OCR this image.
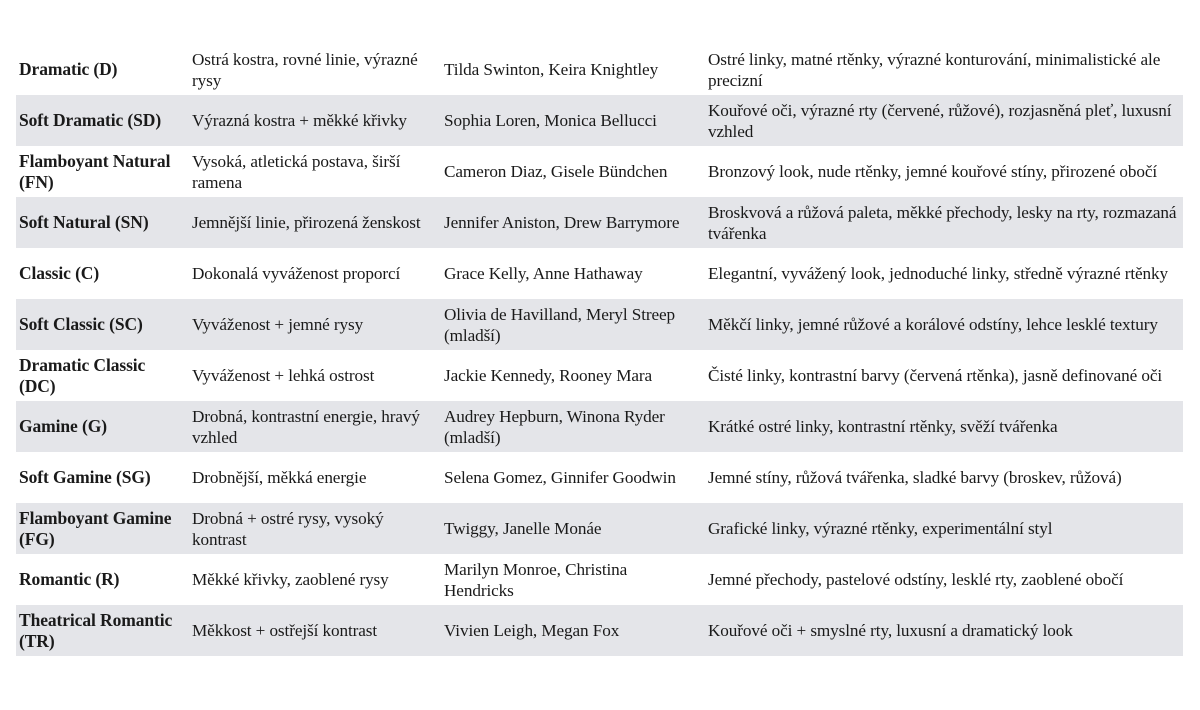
Dramatic (D)	Ostrá kostra, rovné linie, výrazné rysy	Tilda Swinton, Keira Knightley	Ostré linky, matné rtěnky, výrazné konturování, minimalistické ale precizní
Soft Dramatic (SD)	Výrazná kostra + měkké křivky	Sophia Loren, Monica Bellucci	Kouřové oči, výrazné rty (červené, růžové), rozjasněná pleť, luxusní vzhled
Flamboyant Natural (FN)	Vysoká, atletická postava, širší ramena	Cameron Diaz, Gisele Bündchen	Bronzový look, nude rtěnky, jemné kouřové stíny, přirozené obočí
Soft Natural (SN)	Jemnější linie, přirozená ženskost	Jennifer Aniston, Drew Barrymore	Broskvová a růžová paleta, měkké přechody, lesky na rty, rozmazaná tvářenka
Classic (C)	Dokonalá vyváženost proporcí	Grace Kelly, Anne Hathaway	Elegantní, vyvážený look, jednoduché linky, středně výrazné rtěnky
Soft Classic (SC)	Vyváženost + jemné rysy	Olivia de Havilland, Meryl Streep (mladší)	Měkčí linky, jemné růžové a korálové odstíny, lehce lesklé textury
Dramatic Classic (DC)	Vyváženost + lehká ostrost	Jackie Kennedy, Rooney Mara	Čisté linky, kontrastní barvy (červená rtěnka), jasně definované oči
Gamine (G)	Drobná, kontrastní energie, hravý vzhled	Audrey Hepburn, Winona Ryder (mladší)	Krátké ostré linky, kontrastní rtěnky, svěží tvářenka
Soft Gamine (SG)	Drobnější, měkká energie	Selena Gomez, Ginnifer Goodwin	Jemné stíny, růžová tvářenka, sladké barvy (broskev, růžová)
Flamboyant Gamine (FG)	Drobná + ostré rysy, vysoký kontrast	Twiggy, Janelle Monáe	Grafické linky, výrazné rtěnky, experimentální styl
Romantic (R)	Měkké křivky, zaoblené rysy	Marilyn Monroe, Christina Hendricks	Jemné přechody, pastelové odstíny, lesklé rty, zaoblené obočí
Theatrical Romantic (TR)	Měkkost + ostřejší kontrast	Vivien Leigh, Megan Fox	Kouřové oči + smyslné rty, luxusní a dramatický look
